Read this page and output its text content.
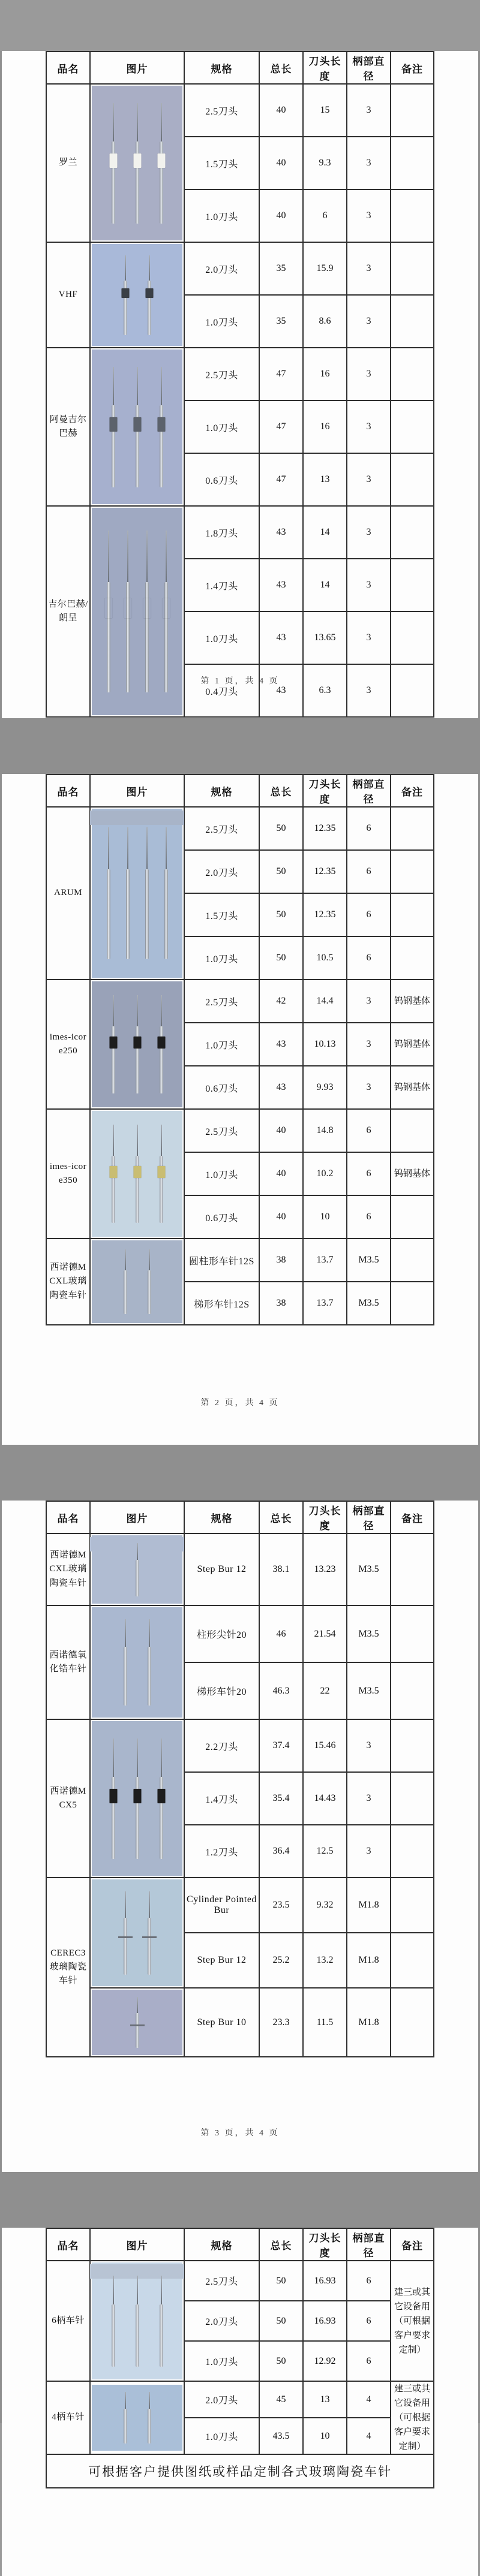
品名	图片	规格	总长	刀头长度	柄部直径	备注
罗兰		2.5刀头	40	15	3	
		1.5刀头	40	9.3	3	
		1.0刀头	40	6	3	
VHF		2.0刀头	35	15.9	3	
		1.0刀头	35	8.6	3	
阿曼吉尔巴赫		2.5刀头	47	16	3	
		1.0刀头	47	16	3	
		0.6刀头	47	13	3	
吉尔巴赫/朗呈		1.8刀头	43	14	3	
		1.4刀头	43	14	3	
		1.0刀头	43	13.65	3	
		0.4刀头	43	6.3	3	
第 1 页，共 4 页
品名	图片	规格	总长	刀头长度	柄部直径	备注
ARUM		2.5刀头	50	12.35	6	
		2.0刀头	50	12.35	6	
		1.5刀头	50	12.35	6	
		1.0刀头	50	10.5	6	
imes-icore250		2.5刀头	42	14.4	3	钨钢基体
		1.0刀头	43	10.13	3	钨钢基体
		0.6刀头	43	9.93	3	钨钢基体
imes-icore350		2.5刀头	40	14.8	6	
		1.0刀头	40	10.2	6	钨钢基体
		0.6刀头	40	10	6	
西诺德MCXL玻璃陶瓷车针		圆柱形车针12S	38	13.7	M3.5	
		梯形车针12S	38	13.7	M3.5	
第 2 页，共 4 页
品名	图片	规格	总长	刀头长度	柄部直径	备注
西诺德MCXL玻璃陶瓷车针		Step Bur 12	38.1	13.23	M3.5	
西诺德氧化锆车针		柱形尖针20	46	21.54	M3.5	
		梯形车针20	46.3	22	M3.5	
西诺德MCX5		2.2刀头	37.4	15.46	3	
		1.4刀头	35.4	14.43	3	
		1.2刀头	36.4	12.5	3	
CEREC3玻璃陶瓷车针		Cylinder Pointed Bur	23.5	9.32	M1.8	
		Step Bur 12	25.2	13.2	M1.8	

		Step Bur 10	23.3	11.5	M1.8	
第 3 页，共 4 页
品名	图片	规格	总长	刀头长度	柄部直径	备注
6柄车针		2.5刀头	50	16.93	6	建三或其它设备用（可根据客户要求定制）
		2.0刀头	50	16.93	6	
		1.0刀头	50	12.92	6	
4柄车针		2.0刀头	45	13	4	建三或其它设备用（可根据客户要求定制）
		1.0刀头	43.5	10	4	
可根据客户提供图纸或样品定制各式玻璃陶瓷车针						
